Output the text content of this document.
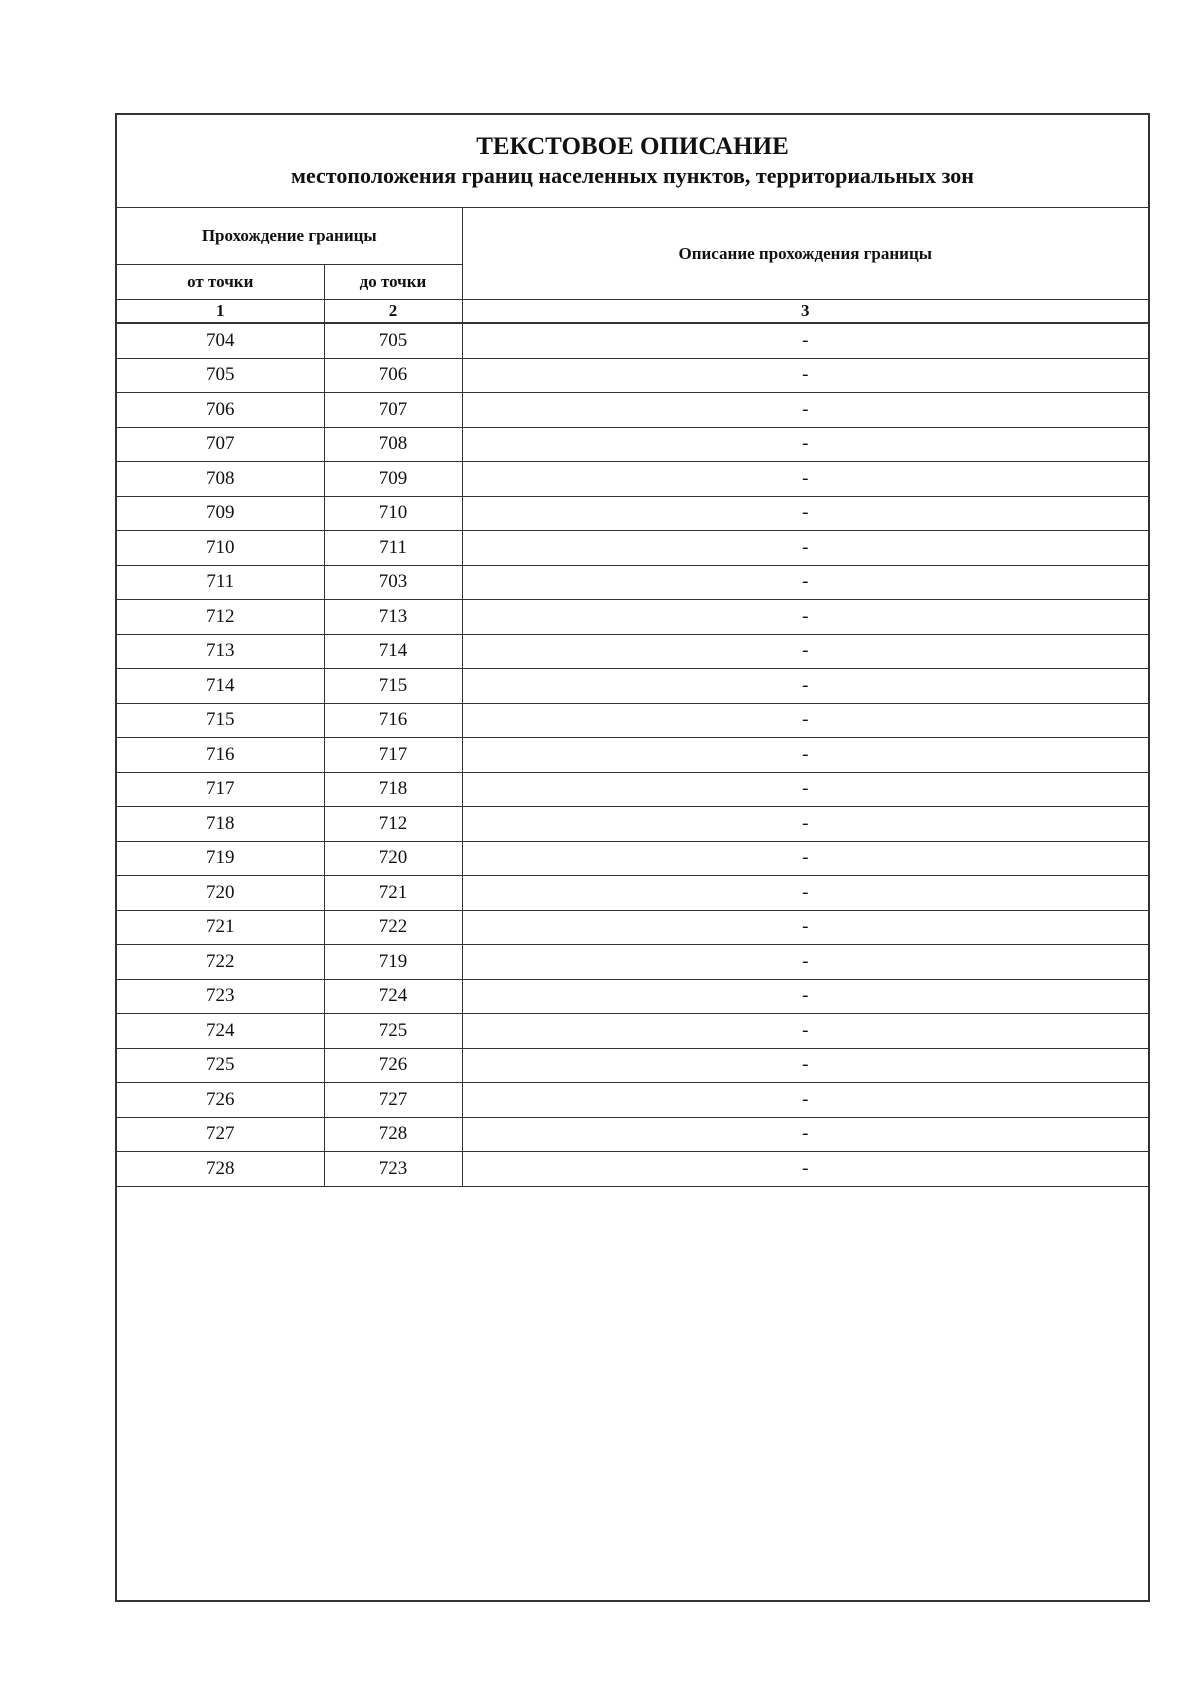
ТЕКСТОВОЕ ОПИСАНИЕ
местоположения границ населенных пунктов, территориальных зон
Прохождение границы		Описание прохождения границы
от точки	до точки	
1	2	3
704	705	-
705	706	-
706	707	-
707	708	-
708	709	-
709	710	-
710	711	-
711	703	-
712	713	-
713	714	-
714	715	-
715	716	-
716	717	-
717	718	-
718	712	-
719	720	-
720	721	-
721	722	-
722	719	-
723	724	-
724	725	-
725	726	-
726	727	-
727	728	-
728	723	-
